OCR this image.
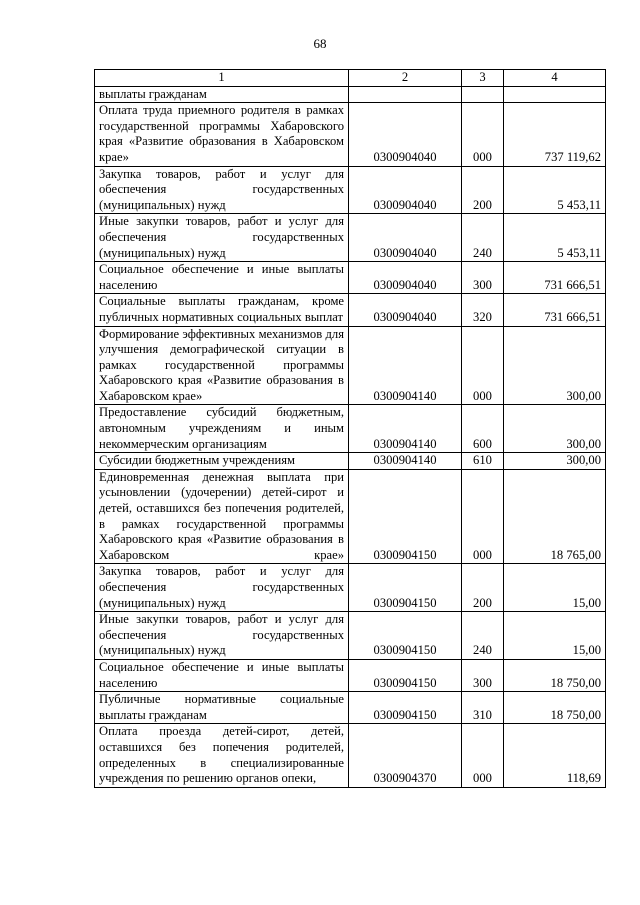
68
1	2	3	4
выплаты гражданам			
Оплата труда приемного родителя в рамках государственной программы Хабаровского края «Развитие образования в Хабаровском крае»	0300904040	000	737 119,62
Закупка товаров, работ и услуг для обеспечения государственных (муниципальных) нужд	0300904040	200	5 453,11
Иные закупки товаров, работ и услуг для обеспечения государственных (муниципальных) нужд	0300904040	240	5 453,11
Социальное обеспечение и иные выплаты населению	0300904040	300	731 666,51
Социальные выплаты гражданам, кроме публичных нормативных социальных выплат	0300904040	320	731 666,51
Формирование эффективных механизмов для улучшения демографической ситуации в рамках государственной программы Хабаровского края «Развитие образования в Хабаровском крае»	0300904140	000	300,00
Предоставление субсидий бюджетным, автономным учреждениям и иным некоммерческим организациям	0300904140	600	300,00
Субсидии бюджетным учреждениям	0300904140	610	300,00
Единовременная денежная выплата при усыновлении (удочерении) детей-сирот и детей, оставшихся без попечения родителей, в рамках государственной программы Хабаровского края «Развитие образования в Хабаровском крае»	0300904150	000	18 765,00
Закупка товаров, работ и услуг для обеспечения государственных (муниципальных) нужд	0300904150	200	15,00
Иные закупки товаров, работ и услуг для обеспечения государственных (муниципальных) нужд	0300904150	240	15,00
Социальное обеспечение и иные выплаты населению	0300904150	300	18 750,00
Публичные нормативные социальные выплаты гражданам	0300904150	310	18 750,00
Оплата проезда детей-сирот, детей, оставшихся без попечения родителей, определенных в специализированные учреждения по решению органов опеки,	0300904370	000	118,69
